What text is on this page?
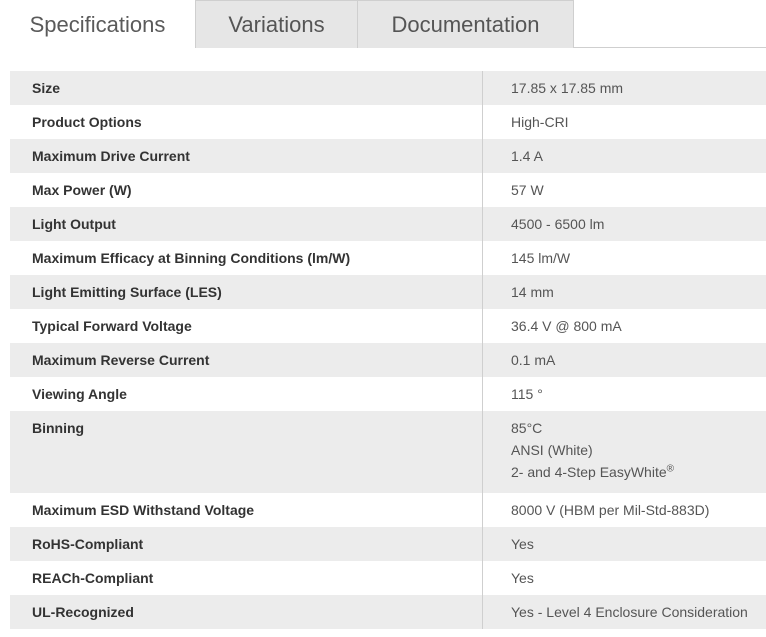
Specifications	Variations	Documentation
Size	17.85 x 17.85 mm
Product Options	High-CRI
Maximum Drive Current	1.4 A
Max Power (W)	57 W
Light Output	4500 - 6500 lm
Maximum Efficacy at Binning Conditions (lm/W)	145 lm/W
Light Emitting Surface (LES)	14 mm
Typical Forward Voltage	36.4 V @ 800 mA
Maximum Reverse Current	0.1 mA
Viewing Angle	115 °
Binning	85°C
ANSI (White)
2- and 4-Step EasyWhite®
Maximum ESD Withstand Voltage	8000 V (HBM per Mil-Std-883D)
RoHS-Compliant	Yes
REACh-Compliant	Yes
UL-Recognized	Yes - Level 4 Enclosure Consideration
